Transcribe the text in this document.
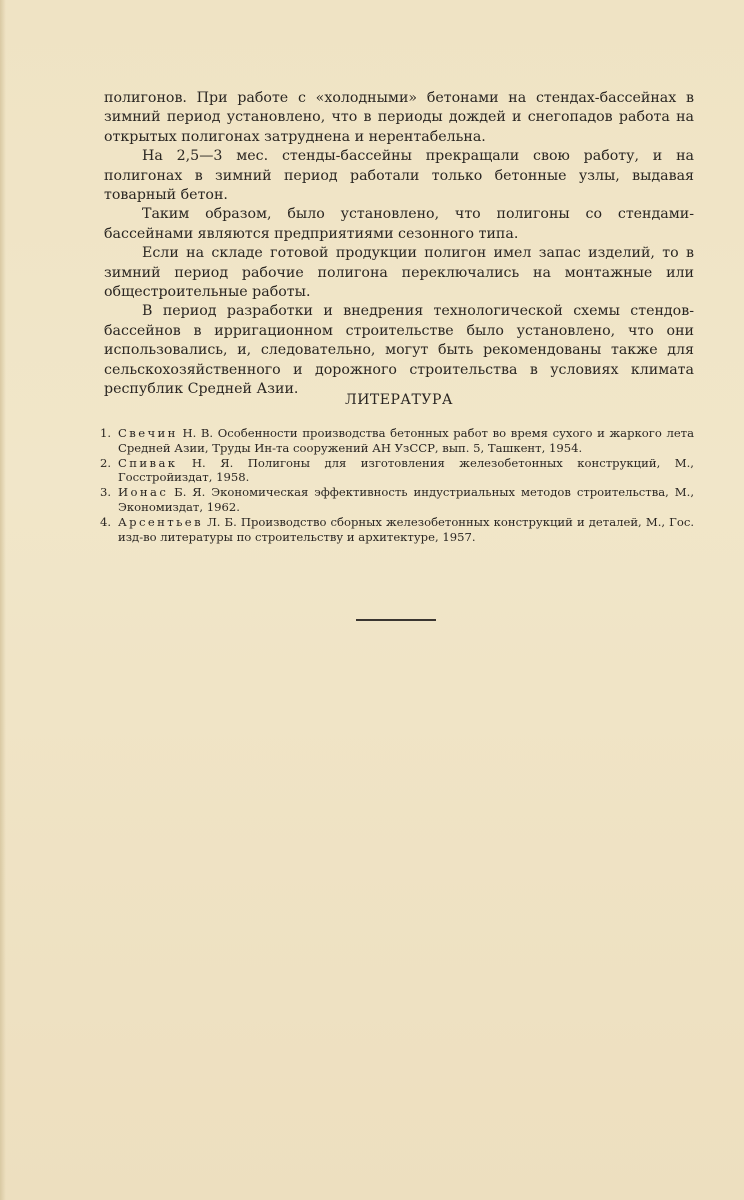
полигонов. При работе с «холодными» бетонами на стендах-бассейнах в зимний период установлено, что в периоды дождей и снегопадов работа на открытых полигонах затруднена и нерентабельна.

На 2,5—3 мес. стенды-бассейны прекращали свою работу, и на полигонах в зимний период работали только бетонные узлы, выдавая товарный бетон.

Таким образом, было установлено, что полигоны со стендами-бассейнами являются предприятиями сезонного типа.

Если на складе готовой продукции полигон имел запас изделий, то в зимний период рабочие полигона переключались на монтажные или общестроительные работы.

В период разработки и внедрения технологической схемы стендов-бассейнов в ирригационном строительстве было установлено, что они использовались, и, следовательно, могут быть рекомендованы также для сельскохозяйственного и дорожного строительства в условиях климата республик Средней Азии.

ЛИТЕРАТУРА
1. Свечин Н. В. Особенности производства бетонных работ во время сухого и жаркого лета Средней Азии, Труды Ин-та сооружений АН УзССР, вып. 5, Ташкент, 1954.
2. Спивак Н. Я. Полигоны для изготовления железобетонных конструкций, М., Госстройиздат, 1958.
3. Ионас Б. Я. Экономическая эффективность индустриальных методов строительства, М., Экономиздат, 1962.
4. Арсентьев Л. Б. Производство сборных железобетонных конструкций и деталей, М., Гос. изд-во литературы по строительству и архитектуре, 1957.
